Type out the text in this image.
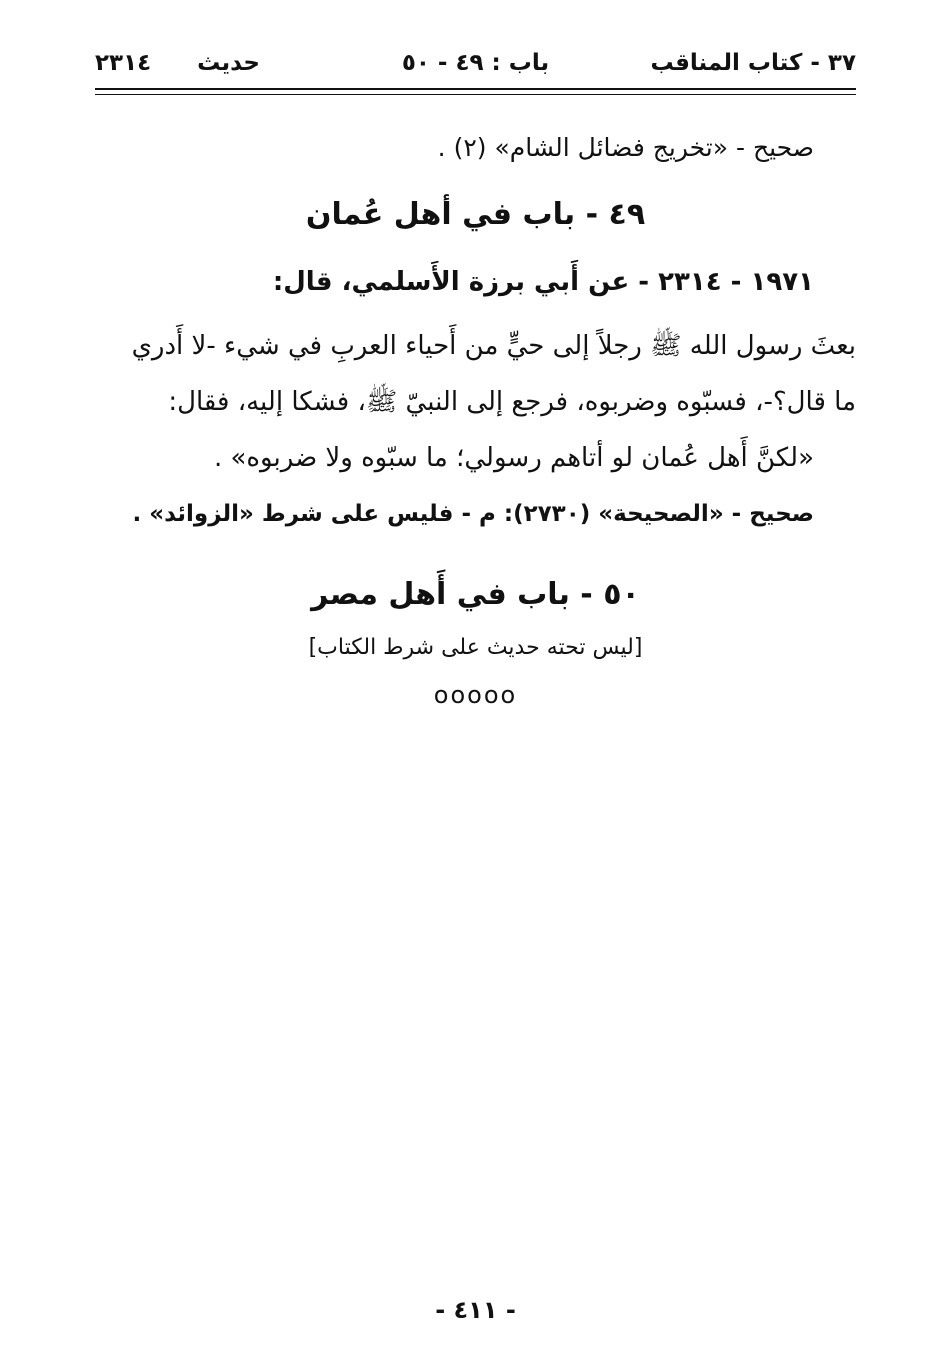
٣٧ - كتاب المناقب
باب : ٤٩ - ٥٠
حديث
٢٣١٤
صحيح - «تخريج فضائل الشام» (٢) .
٤٩ - باب في أهل عُمان
١٩٧١ - ٢٣١٤ - عن أَبي برزة الأَسلمي، قال:
بعثَ رسول الله ﷺ رجلاً إلى حيٍّ من أَحياء العربِ في شيء -لا أَدري
ما قال؟-، فسبّوه وضربوه، فرجع إلى النبيّ ﷺ، فشكا إليه، فقال:
«لكنَّ أَهل عُمان لو أتاهم رسولي؛ ما سبّوه ولا ضربوه» .
صحيح - «الصحيحة» (٢٧٣٠): م - فليس على شرط «الزوائد» .
٥٠ - باب في أَهل مصر
[ليس تحته حديث على شرط الكتاب]
ooooo
- ٤١١ -
